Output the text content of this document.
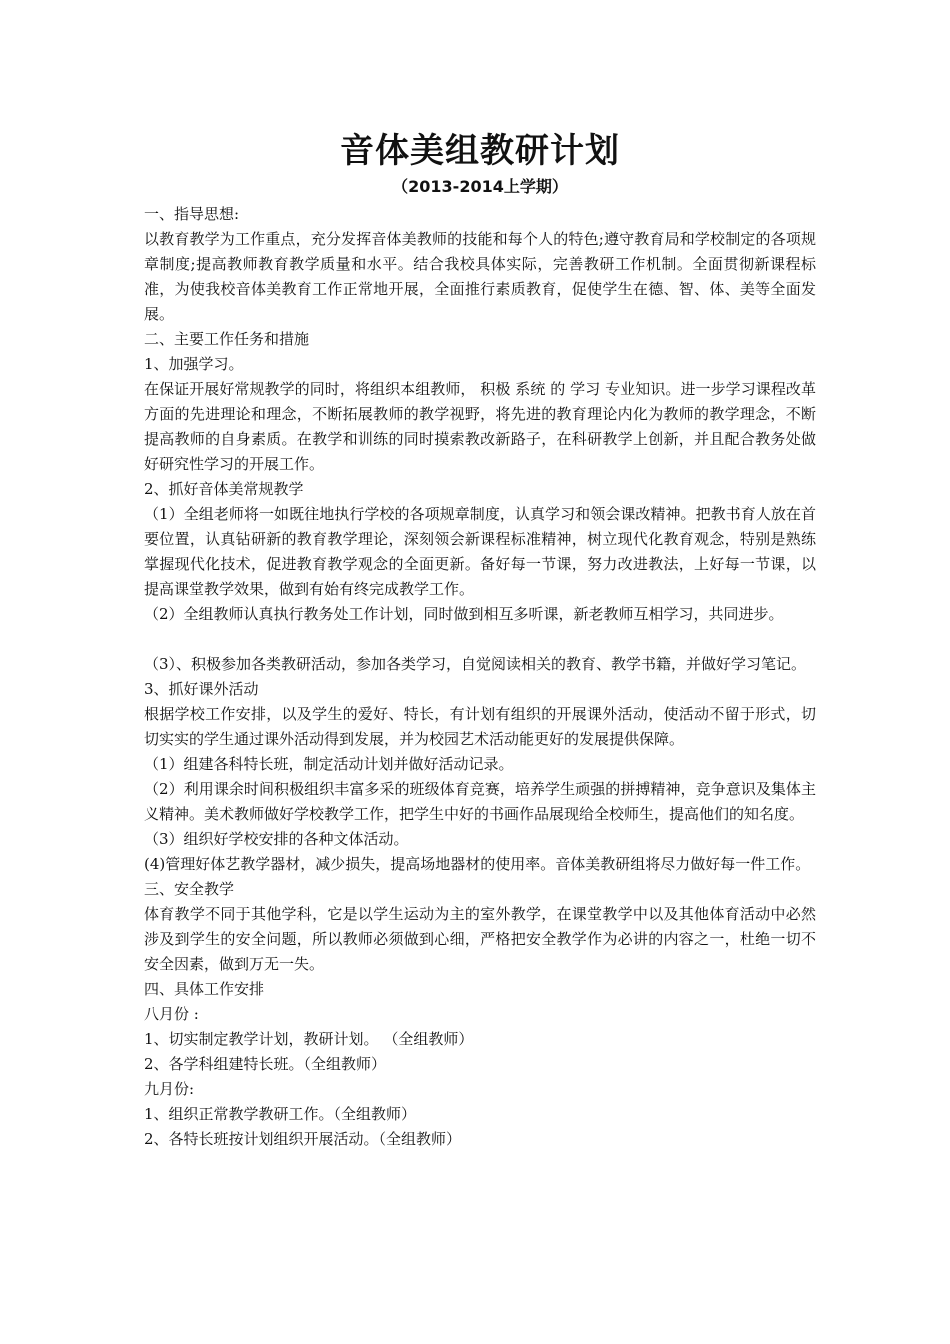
音体美组教研计划
（2013-2014上学期）

一、指导思想:

以教育教学为工作重点，充分发挥音体美教师的技能和每个人的特色;遵守教育局和学校制定的各项规章制度;提高教师教育教学质量和水平。结合我校具体实际，完善教研工作机制。全面贯彻新课程标准，为使我校音体美教育工作正常地开展，全面推行素质教育，促使学生在德、智、体、美等全面发展。

二、主要工作任务和措施

1、加强学习。

在保证开展好常规教学的同时，将组织本组教师， 积极 系统 的 学习 专业知识。进一步学习课程改革方面的先进理论和理念，不断拓展教师的教学视野，将先进的教育理论内化为教师的教学理念，不断提高教师的自身素质。在教学和训练的同时摸索教改新路子，在科研教学上创新，并且配合教务处做好研究性学习的开展工作。

2、抓好音体美常规教学

（1）全组老师将一如既往地执行学校的各项规章制度，认真学习和领会课改精神。把教书育人放在首要位置，认真钻研新的教育教学理论，深刻领会新课程标准精神，树立现代化教育观念，特别是熟练掌握现代化技术，促进教育教学观念的全面更新。备好每一节课，努力改进教法，上好每一节课，以提高课堂教学效果，做到有始有终完成教学工作。

（2）全组教师认真执行教务处工作计划，同时做到相互多听课，新老教师互相学习，共同进步。

（3）、积极参加各类教研活动，参加各类学习，自觉阅读相关的教育、教学书籍，并做好学习笔记。

3、抓好课外活动

根据学校工作安排，以及学生的爱好、特长，有计划有组织的开展课外活动，使活动不留于形式，切切实实的学生通过课外活动得到发展，并为校园艺术活动能更好的发展提供保障。

（1）组建各科特长班，制定活动计划并做好活动记录。

（2）利用课余时间积极组织丰富多采的班级体育竞赛，培养学生顽强的拼搏精神，竞争意识及集体主义精神。美术教师做好学校教学工作，把学生中好的书画作品展现给全校师生，提高他们的知名度。

（3）组织好学校安排的各种文体活动。

(4)管理好体艺教学器材，减少损失，提高场地器材的使用率。音体美教研组将尽力做好每一件工作。

三、安全教学

体育教学不同于其他学科，它是以学生运动为主的室外教学，在课堂教学中以及其他体育活动中必然涉及到学生的安全问题，所以教师必须做到心细，严格把安全教学作为必讲的内容之一，杜绝一切不安全因素，做到万无一失。

四、具体工作安排

八月份 :

1、切实制定教学计划，教研计划。 （全组教师）

2、各学科组建特长班。（全组教师）

九月份:

1、组织正常教学教研工作。（全组教师）

2、各特长班按计划组织开展活动。（全组教师）
